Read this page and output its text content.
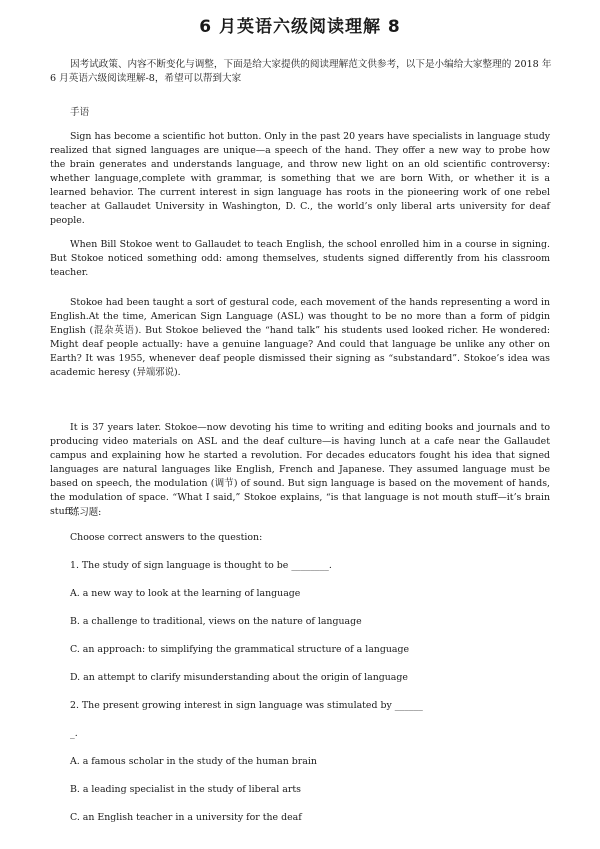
6 月英语六级阅读理解 8
因考试政策、内容不断变化与调整，下面是给大家提供的阅读理解范文供参考，以下是小编给大家整理的 2018 年 6 月英语六级阅读理解-8，希望可以帮到大家
手语
Sign has become a scientific hot button. Only in the past 20 years have specialists in language study realized that signed languages are unique—a speech of the hand. They offer a new way to probe how the brain generates and understands language, and throw new light on an old scientific controversy: whether language,complete with grammar, is something that we are born With, or whether it is a learned behavior. The current interest in sign language has roots in the pioneering work of one rebel teacher at Gallaudet University in Washington, D. C., the world’s only liberal arts university for deaf people.
When Bill Stokoe went to Gallaudet to teach English, the school enrolled him in a course in signing. But Stokoe noticed something odd: among themselves, students signed differently from his classroom teacher.
Stokoe had been taught a sort of gestural code, each movement of the hands representing a word in English.At the time, American Sign Language (ASL) was thought to be no more than a form of pidgin English (混杂英语). But Stokoe believed the “hand talk” his students used looked richer. He wondered: Might deaf people actually: have a genuine language? And could that language be unlike any other on Earth? It was 1955, whenever deaf people dismissed their signing as “substandard”. Stokoe’s idea was academic heresy (异端邪说).
It is 37 years later. Stokoe—now devoting his time to writing and editing books and journals and to producing video materials on ASL and the deaf culture—is having lunch at a cafe near the Gallaudet campus and explaining how he started a revolution. For decades educators fought his idea that signed languages are natural languages like English, French and Japanese. They assumed language must be based on speech, the modulation (调节) of sound. But sign language is based on the movement of hands, the modulation of space. “What I said,” Stokoe explains, “is that language is not mouth stuff—it’s brain stuff.”
练习题:
Choose correct answers to the question:
1. The study of sign language is thought to be ________.
A. a new way to look at the learning of language
B. a challenge to traditional, views on the nature of language
C. an approach: to simplifying the grammatical structure of a language
D. an attempt to clarify misunderstanding about the origin of language
2. The present growing interest in sign language was stimulated by ______
_.
A. a famous scholar in the study of the human brain
B. a leading specialist in the study of liberal arts
C. an English teacher in a university for the deaf
